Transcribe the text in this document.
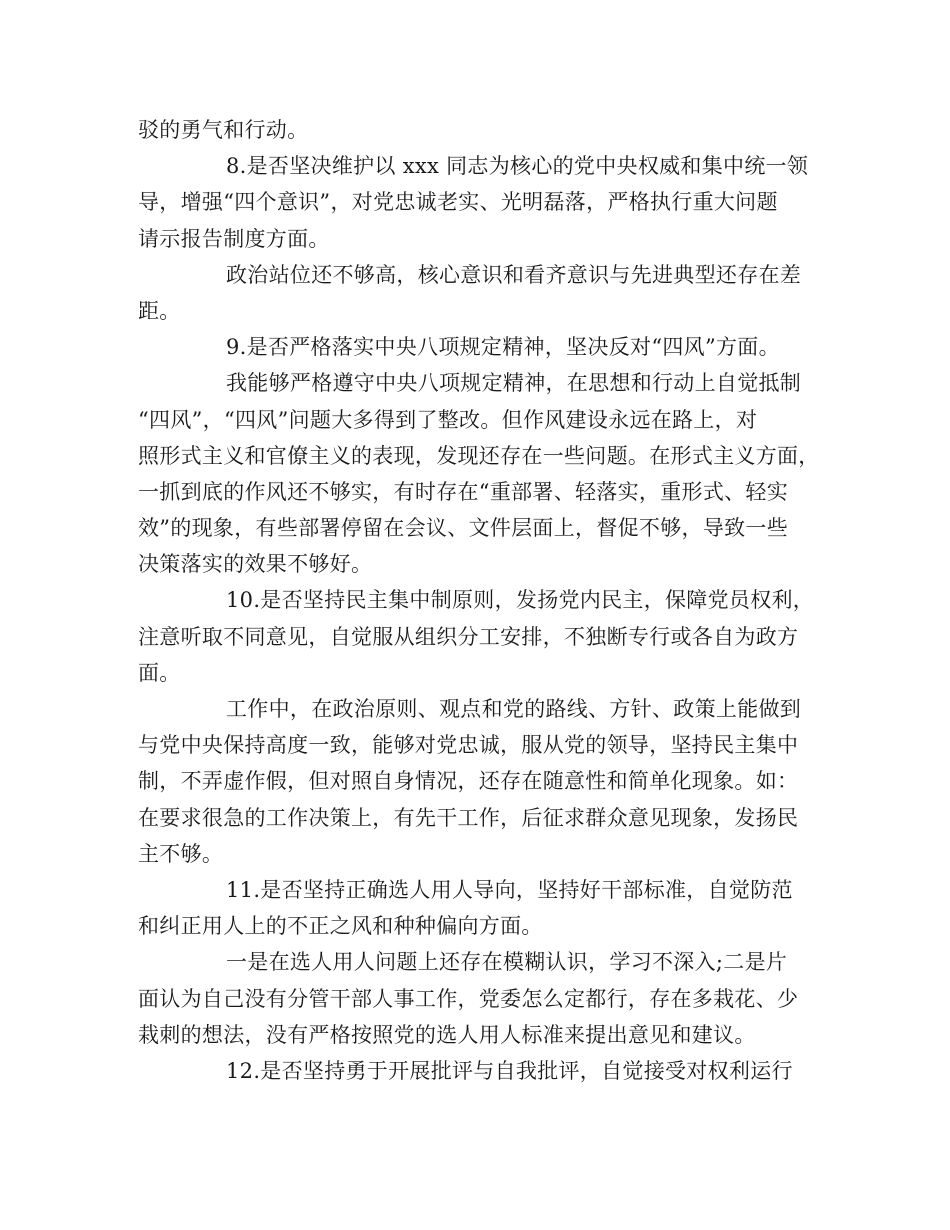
驳的勇气和行动。
8.是否坚决维护以 xxx 同志为核心的党中央权威和集中统一领
导，增强“四个意识”，对党忠诚老实、光明磊落，严格执行重大问题
请示报告制度方面。
政治站位还不够高，核心意识和看齐意识与先进典型还存在差
距。
9.是否严格落实中央八项规定精神，坚决反对“四风”方面。
我能够严格遵守中央八项规定精神，在思想和行动上自觉抵制
“四风”，“四风”问题大多得到了整改。但作风建设永远在路上，对
照形式主义和官僚主义的表现，发现还存在一些问题。在形式主义方面，
一抓到底的作风还不够实，有时存在“重部署、轻落实，重形式、轻实
效”的现象，有些部署停留在会议、文件层面上，督促不够，导致一些
决策落实的效果不够好。
10.是否坚持民主集中制原则，发扬党内民主，保障党员权利，
注意听取不同意见，自觉服从组织分工安排，不独断专行或各自为政方
面。
工作中，在政治原则、观点和党的路线、方针、政策上能做到
与党中央保持高度一致，能够对党忠诚，服从党的领导，坚持民主集中
制，不弄虚作假，但对照自身情况，还存在随意性和简单化现象。如：
在要求很急的工作决策上，有先干工作，后征求群众意见现象，发扬民
主不够。
11.是否坚持正确选人用人导向，坚持好干部标准，自觉防范
和纠正用人上的不正之风和种种偏向方面。
一是在选人用人问题上还存在模糊认识，学习不深入;二是片
面认为自己没有分管干部人事工作，党委怎么定都行，存在多栽花、少
栽刺的想法，没有严格按照党的选人用人标准来提出意见和建议。
12.是否坚持勇于开展批评与自我批评，自觉接受对权利运行
